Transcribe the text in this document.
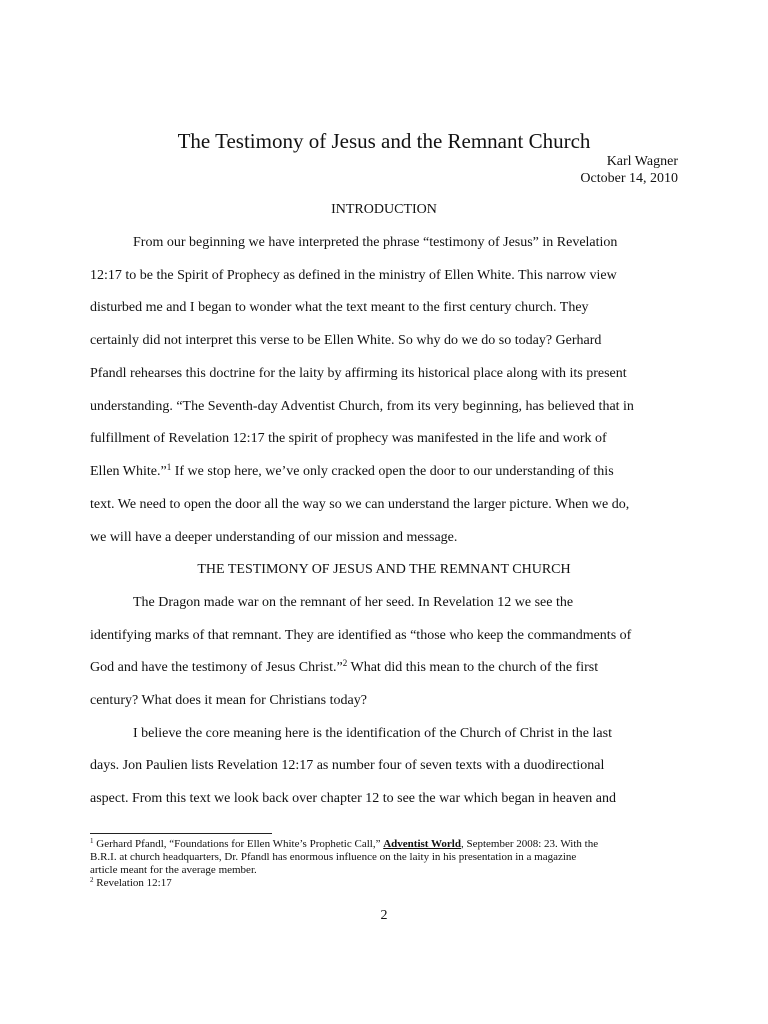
The Testimony of Jesus and the Remnant Church
Karl Wagner
October 14, 2010
INTRODUCTION
From our beginning we have interpreted the phrase “testimony of Jesus” in Revelation
12:17 to be the Spirit of Prophecy as defined in the ministry of Ellen White. This narrow view
disturbed me and I began to wonder what the text meant to the first century church. They
certainly did not interpret this verse to be Ellen White. So why do we do so today? Gerhard
Pfandl rehearses this doctrine for the laity by affirming its historical place along with its present
understanding. “The Seventh-day Adventist Church, from its very beginning, has believed that in
fulfillment of Revelation 12:17 the spirit of prophecy was manifested in the life and work of
Ellen White.”$^1$ If we stop here, we’ve only cracked open the door to our understanding of this
text. We need to open the door all the way so we can understand the larger picture. When we do,
we will have a deeper understanding of our mission and message.
THE TESTIMONY OF JESUS AND THE REMNANT CHURCH
The Dragon made war on the remnant of her seed. In Revelation 12 we see the
identifying marks of that remnant. They are identified as “those who keep the commandments of
God and have the testimony of Jesus Christ.”$^2$ What did this mean to the church of the first
century? What does it mean for Christians today?
I believe the core meaning here is the identification of the Church of Christ in the last
days. Jon Paulien lists Revelation 12:17 as number four of seven texts with a duodirectional
aspect. From this text we look back over chapter 12 to see the war which began in heaven and
$^1$ Gerhard Pfandl, “Foundations for Ellen White’s Prophetic Call,” Adventist World, September 2008: 23. With the
B.R.I. at church headquarters, Dr. Pfandl has enormous influence on the laity in his presentation in a magazine
article meant for the average member.
$^2$ Revelation 12:17
2
